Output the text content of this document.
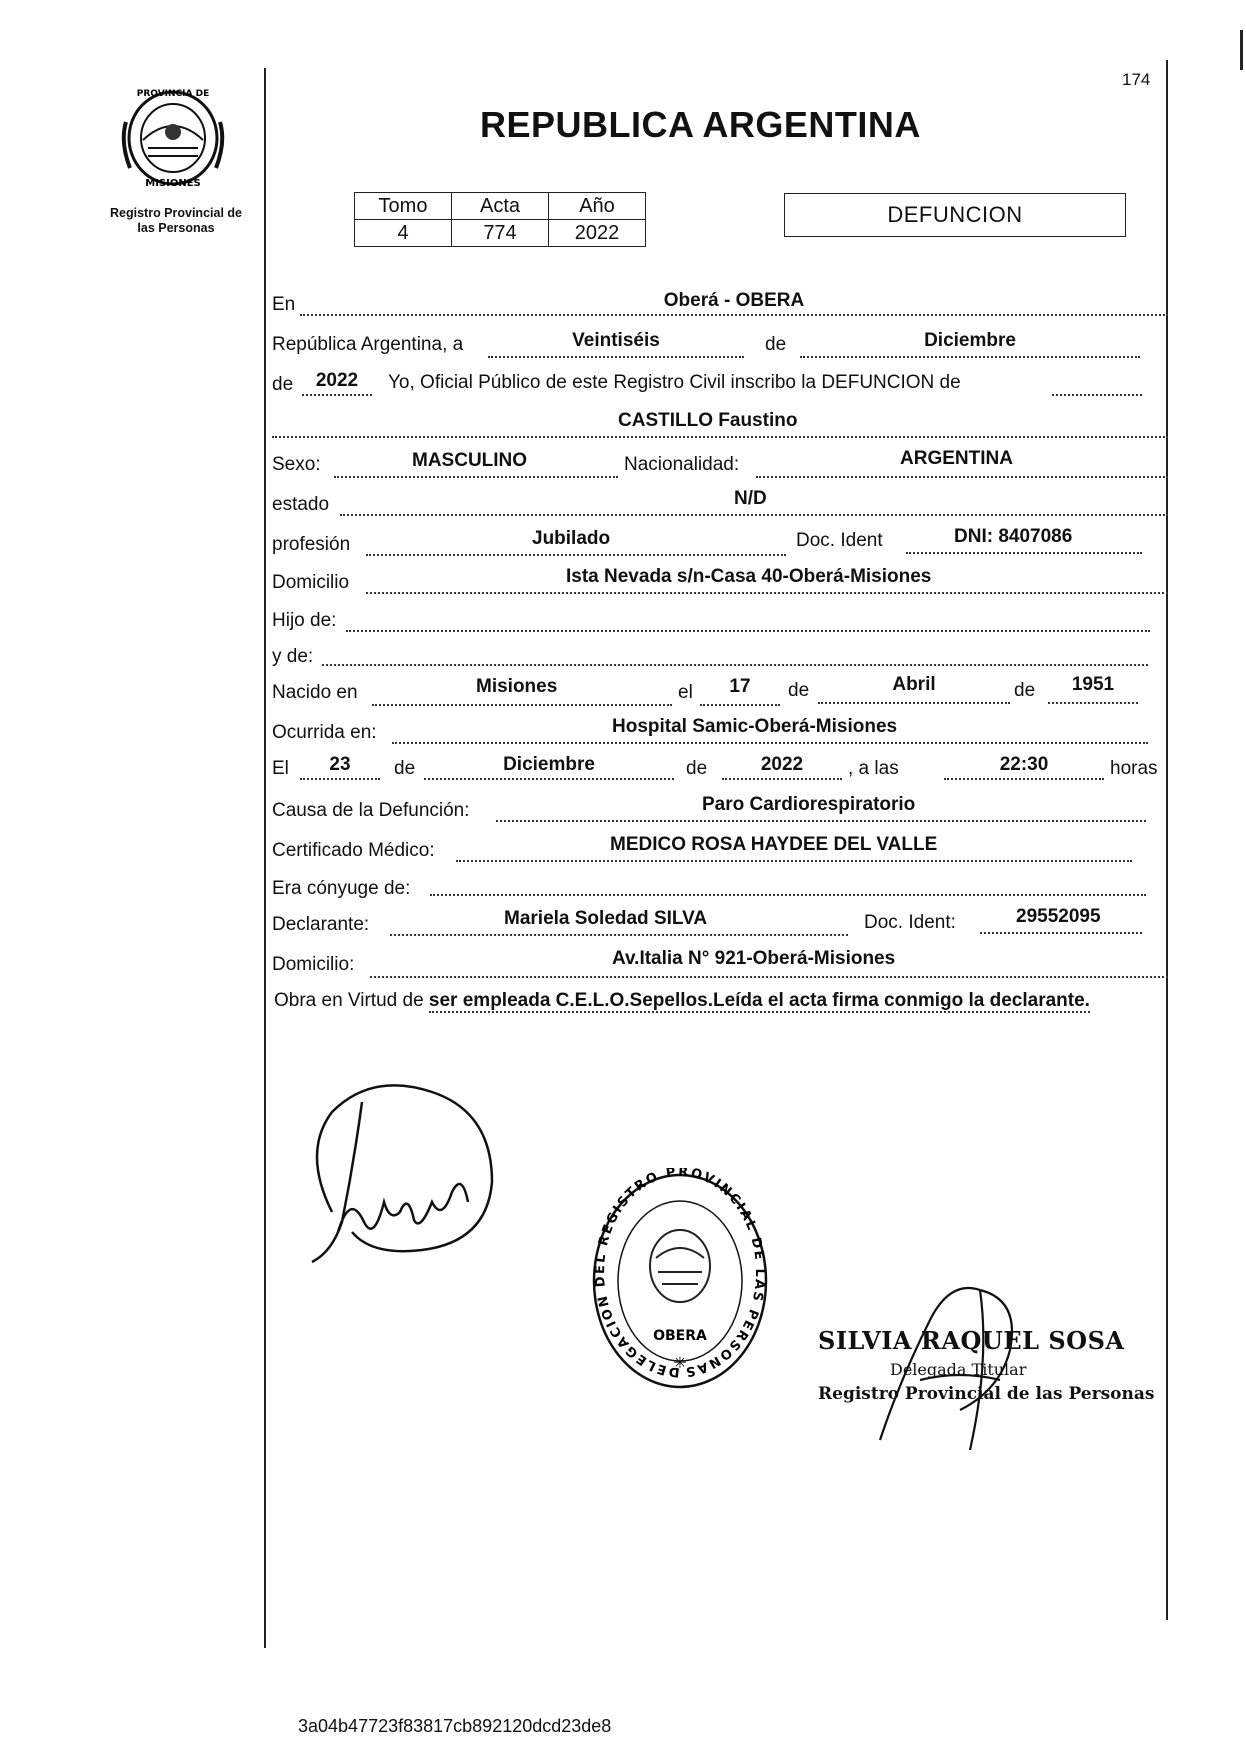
PROVINCIA DE
MISIONES
Registro Provincial de
las Personas
174
REPUBLICA ARGENTINA
Tomo	Acta	Año
4	774	2022
DEFUNCION
En	Oberá - OBERA
República Argentina, a	Veintiséis	de	Diciembre
de	2022	Yo, Oficial Público de este Registro Civil inscribo la DEFUNCION de
CASTILLO Faustino
Sexo:	MASCULINO	Nacionalidad:	ARGENTINA
estado	N/D
profesión	Jubilado	Doc. Ident	DNI: 8407086
Domicilio	Ista Nevada s/n-Casa 40-Oberá-Misiones
Hijo de:
y de:
Nacido en	Misiones	el	17	de	Abril	de	1951
Ocurrida en:	Hospital Samic-Oberá-Misiones
El	23	de	Diciembre	de	2022	, a las	22:30	horas
Causa de la Defunción:	Paro Cardiorespiratorio
Certificado Médico:	MEDICO ROSA HAYDEE DEL VALLE
Era cónyuge de:
Declarante:	Mariela Soledad SILVA	Doc. Ident:	29552095
Domicilio:	Av.Italia N° 921-Oberá-Misiones
Obra en Virtud de ser empleada C.E.L.O.Sepellos.Leída el acta firma conmigo la declarante.
DELEGACION DEL REGISTRO PROVINCIAL DE LAS PERSONAS
OBERA
✳
SILVIA RAQUEL SOSA
Delegada Titular
Registro Provincial de las Personas
3a04b47723f83817cb892120dcd23de8
